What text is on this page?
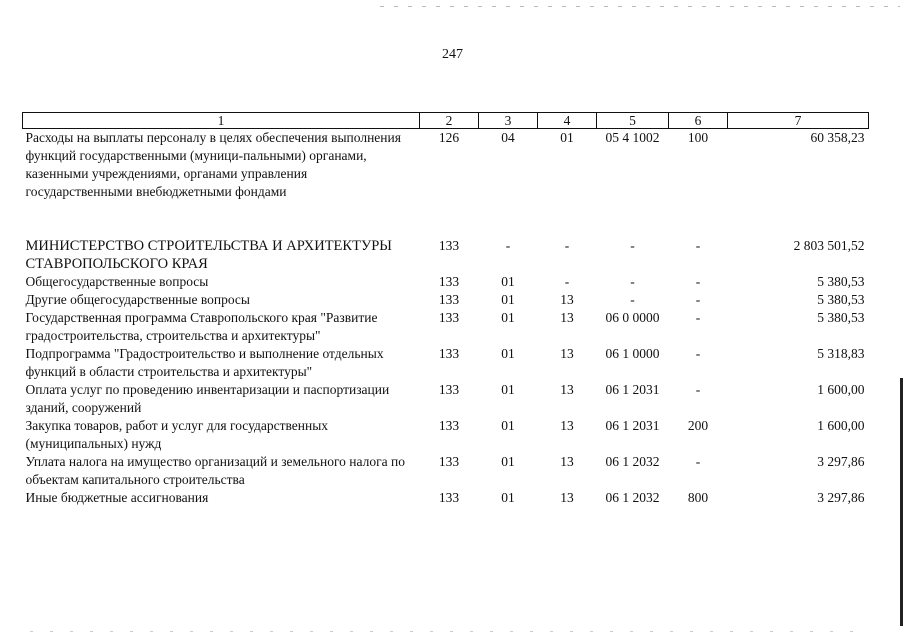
247
1	2	3	4	5	6	7
Расходы на выплаты персоналу в целях обеспечения выполнения функций государственными (муници-пальными) органами, казенными учреждениями, органами управления государственными внебюджетными фондами	126	04	01	05 4 1002	100	60 358,23

МИНИСТЕРСТВО СТРОИТЕЛЬСТВА И АРХИТЕКТУРЫ СТАВРОПОЛЬСКОГО КРАЯ	133	-	-	-	-	2 803 501,52
Общегосударственные вопросы	133	01	-	-	-	5 380,53
Другие общегосударственные вопросы	133	01	13	-	-	5 380,53
Государственная программа Ставропольского края "Развитие градостроительства, строительства и архитектуры"	133	01	13	06 0 0000	-	5 380,53
Подпрограмма "Градостроительство и выполнение отдельных функций в области строительства и архитектуры"	133	01	13	06 1 0000	-	5 318,83
Оплата услуг по проведению инвентаризации и паспортизации зданий, сооружений	133	01	13	06 1 2031	-	1 600,00
Закупка товаров, работ и услуг для государственных (муниципальных) нужд	133	01	13	06 1 2031	200	1 600,00
Уплата налога на имущество организаций и земельного налога по объектам капитального строительства	133	01	13	06 1 2032	-	3 297,86
Иные бюджетные ассигнования	133	01	13	06 1 2032	800	3 297,86
